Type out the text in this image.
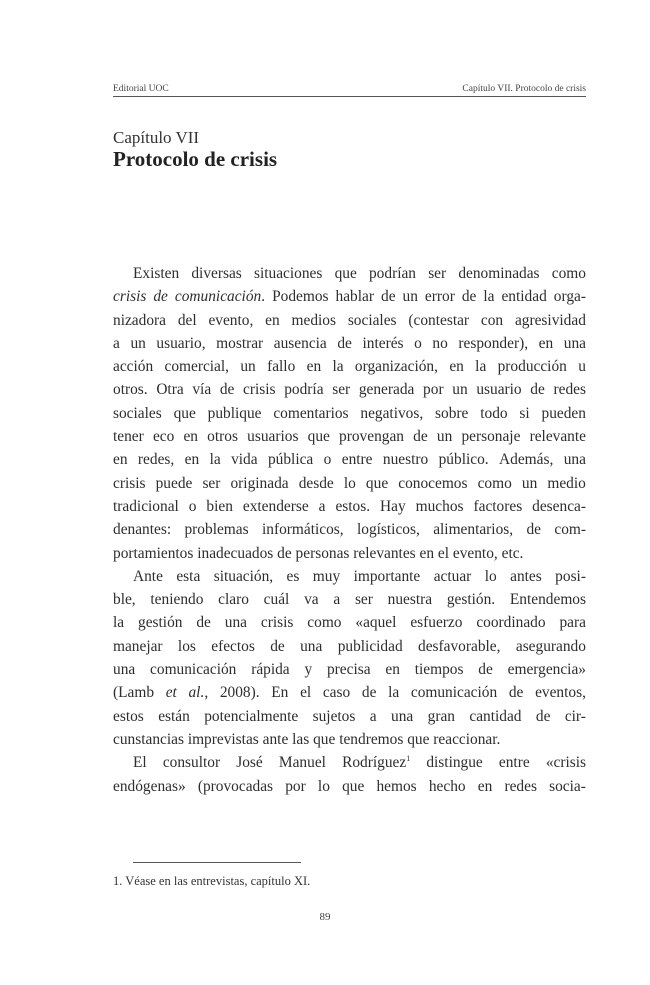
Editorial UOC	Capítulo VII. Protocolo de crisis
Capítulo VII
Protocolo de crisis
Existen diversas situaciones que podrían ser denominadas como
crisis de comunicación. Podemos hablar de un error de la entidad orga-
nizadora del evento, en medios sociales (contestar con agresividad
a un usuario, mostrar ausencia de interés o no responder), en una
acción comercial, un fallo en la organización, en la producción u
otros. Otra vía de crisis podría ser generada por un usuario de redes
sociales que publique comentarios negativos, sobre todo si pueden
tener eco en otros usuarios que provengan de un personaje relevante
en redes, en la vida pública o entre nuestro público. Además, una
crisis puede ser originada desde lo que conocemos como un medio
tradicional o bien extenderse a estos. Hay muchos factores desenca-
denantes: problemas informáticos, logísticos, alimentarios, de com-
portamientos inadecuados de personas relevantes en el evento, etc.
Ante esta situación, es muy importante actuar lo antes posi-
ble, teniendo claro cuál va a ser nuestra gestión. Entendemos
la gestión de una crisis como «aquel esfuerzo coordinado para
manejar los efectos de una publicidad desfavorable, asegurando
una comunicación rápida y precisa en tiempos de emergencia»
(Lamb et al., 2008). En el caso de la comunicación de eventos,
estos están potencialmente sujetos a una gran cantidad de cir-
cunstancias imprevistas ante las que tendremos que reaccionar.
El consultor José Manuel Rodríguez$^1$ distingue entre «crisis
endógenas» (provocadas por lo que hemos hecho en redes socia-
1. Véase en las entrevistas, capítulo XI.
89
